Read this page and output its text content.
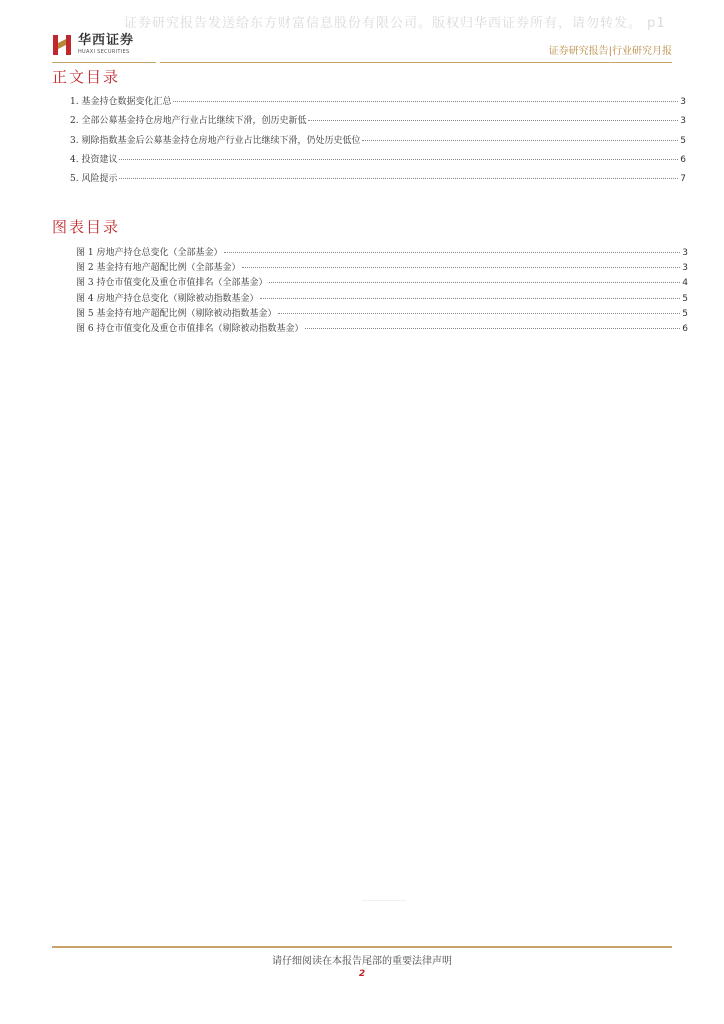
证券研究报告发送给东方财富信息股份有限公司。版权归华西证券所有，请勿转发。 p1
华西证券
HUAXI SECURITIES	证券研究报告|行业研究月报
正文目录
1. 基金持仓数据变化汇总	3
2. 全部公募基金持仓房地产行业占比继续下滑，创历史新低	3
3. 剔除指数基金后公募基金持仓房地产行业占比继续下滑，仍处历史低位	5
4. 投资建议	6
5. 风险提示	7
图表目录
图 1 房地产持仓总变化（全部基金）	3
图 2 基金持有地产超配比例（全部基金）	3
图 3 持仓市值变化及重仓市值排名（全部基金）	4
图 4 房地产持仓总变化（剔除被动指数基金）	5
图 5 基金持有地产超配比例（剔除被动指数基金）	5
图 6 持仓市值变化及重仓市值排名（剔除被动指数基金）	6
请仔细阅读在本报告尾部的重要法律声明
2
